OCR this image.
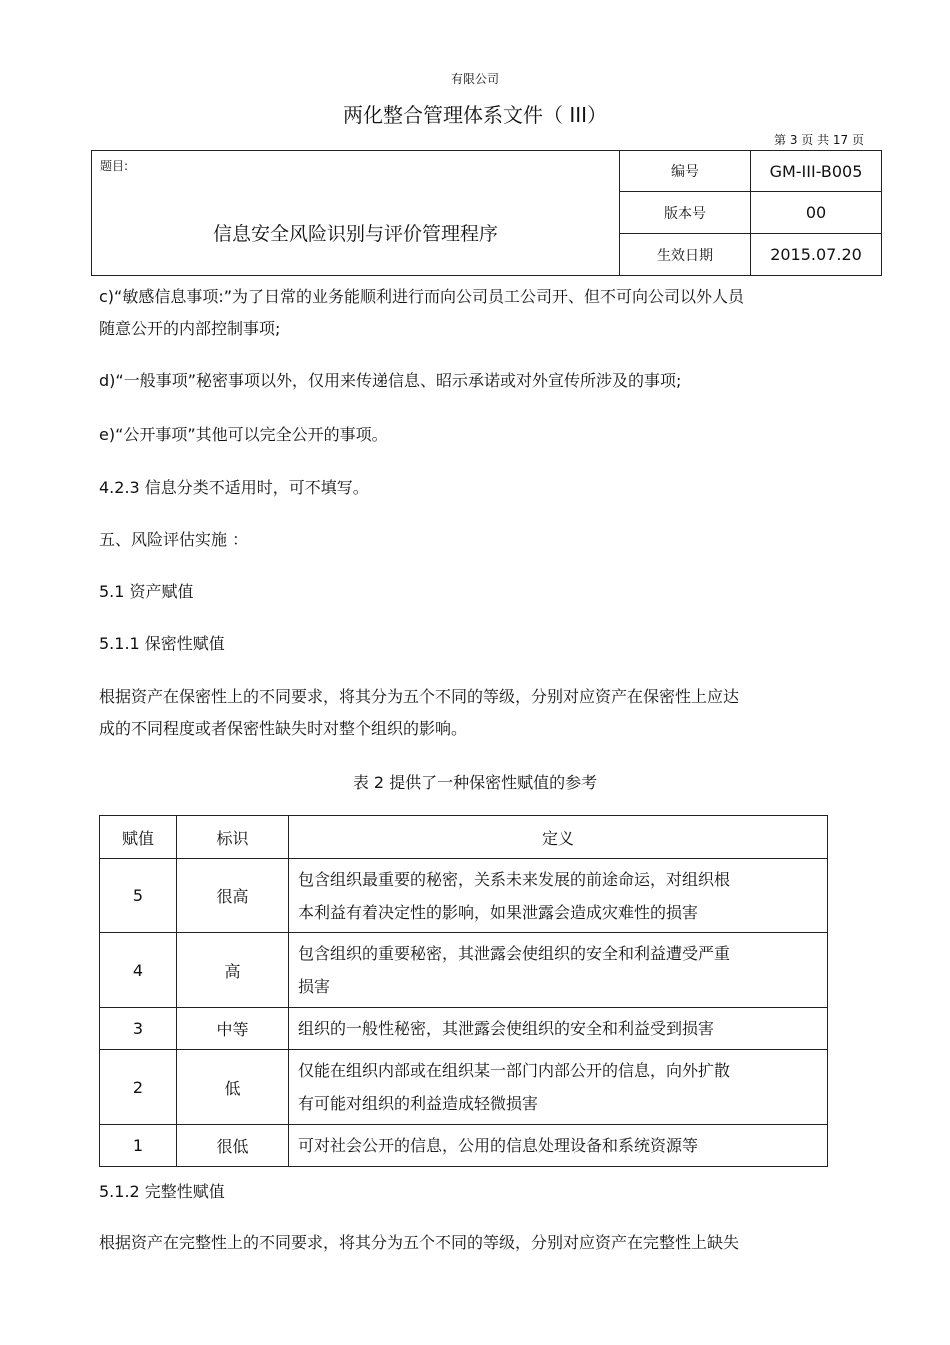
有限公司
两化整合管理体系文件（ III）
第 3 页 共 17 页
题目:
信息安全风险识别与评价管理程序	编号	GM-III-B005
	版本号	00
	生效日期	2015.07.20
c)“敏感信息事项:”为了日常的业务能顺利进行而向公司员工公司开、但不可向公司以外人员
随意公开的内部控制事项;
d)“一般事项”秘密事项以外，仅用来传递信息、昭示承诺或对外宣传所涉及的事项;
e)“公开事项”其他可以完全公开的事项。
4.2.3 信息分类不适用时，可不填写。
五、风险评估实施 ：
5.1 资产赋值
5.1.1 保密性赋值
根据资产在保密性上的不同要求，将其分为五个不同的等级，分别对应资产在保密性上应达
成的不同程度或者保密性缺失时对整个组织的影响。
表 2 提供了一种保密性赋值的参考
赋值	标识	定义
5	很高	包含组织最重要的秘密，关系未来发展的前途命运，对组织根
本利益有着决定性的影响，如果泄露会造成灾难性的损害
4	高	包含组织的重要秘密，其泄露会使组织的安全和利益遭受严重
损害
3	中等	组织的一般性秘密，其泄露会使组织的安全和利益受到损害
2	低	仅能在组织内部或在组织某一部门内部公开的信息，向外扩散
有可能对组织的利益造成轻微损害
1	很低	可对社会公开的信息，公用的信息处理设备和系统资源等
5.1.2 完整性赋值
根据资产在完整性上的不同要求，将其分为五个不同的等级，分别对应资产在完整性上缺失
